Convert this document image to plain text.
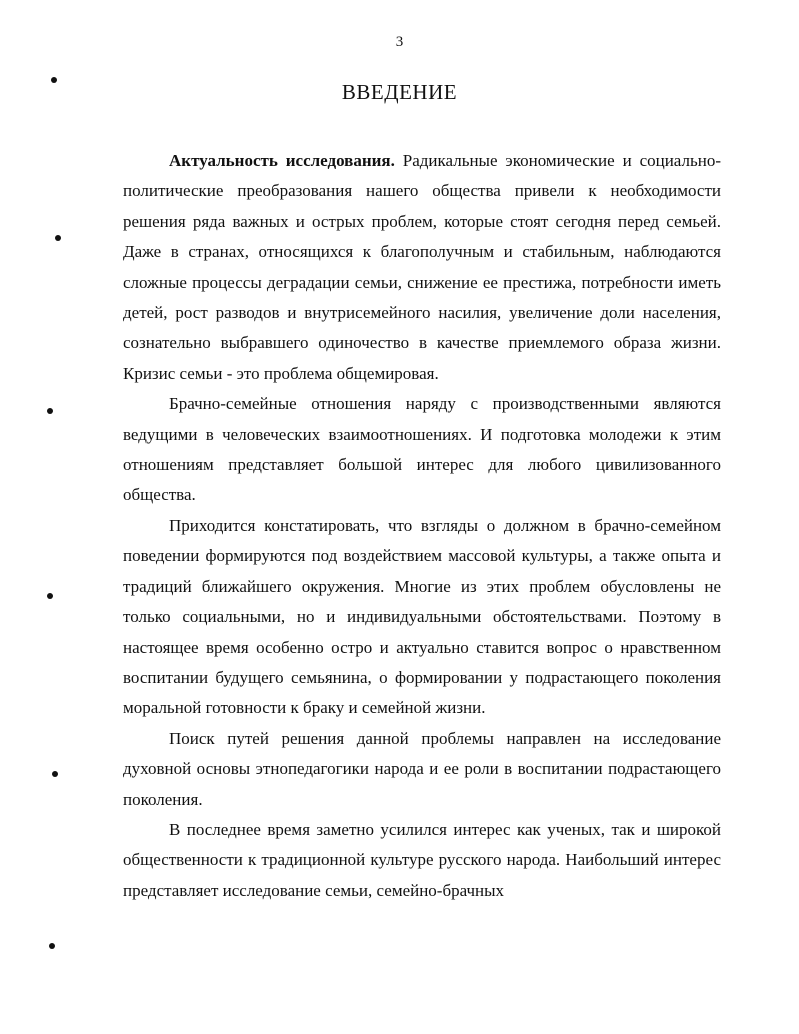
3
ВВЕДЕНИЕ

Актуальность исследования. Радикальные экономические и социально-политические преобразования нашего общества привели к необходимости решения ряда важных и острых проблем, которые стоят сегодня перед семьей. Даже в странах, относящихся к благополучным и стабильным, наблюдаются сложные процессы деградации семьи, снижение ее престижа, потребности иметь детей, рост разводов и внутрисемейного насилия, увеличение доли населения, сознательно выбравшего одиночество в качестве приемлемого образа жизни. Кризис семьи - это проблема общемировая.

Брачно-семейные отношения наряду с производственными являются ведущими в человеческих взаимоотношениях. И подготовка молодежи к этим отношениям представляет большой интерес для любого цивилизованного общества.

Приходится констатировать, что взгляды о должном в брачно-семейном поведении формируются под воздействием массовой культуры, а также опыта и традиций ближайшего окружения. Многие из этих проблем обусловлены не только социальными, но и индивидуальными обстоятельствами. Поэтому в настоящее время особенно остро и актуально ставится вопрос о нравственном воспитании будущего семьянина, о формировании у подрастающего поколения моральной готовности к браку и семейной жизни.

Поиск путей решения данной проблемы направлен на исследование духовной основы этнопедагогики народа и ее роли в воспитании подрастающего поколения.

В последнее время заметно усилился интерес как ученых, так и широкой общественности к традиционной культуре русского народа. Наибольший интерес представляет исследование семьи, семейно-брачных
